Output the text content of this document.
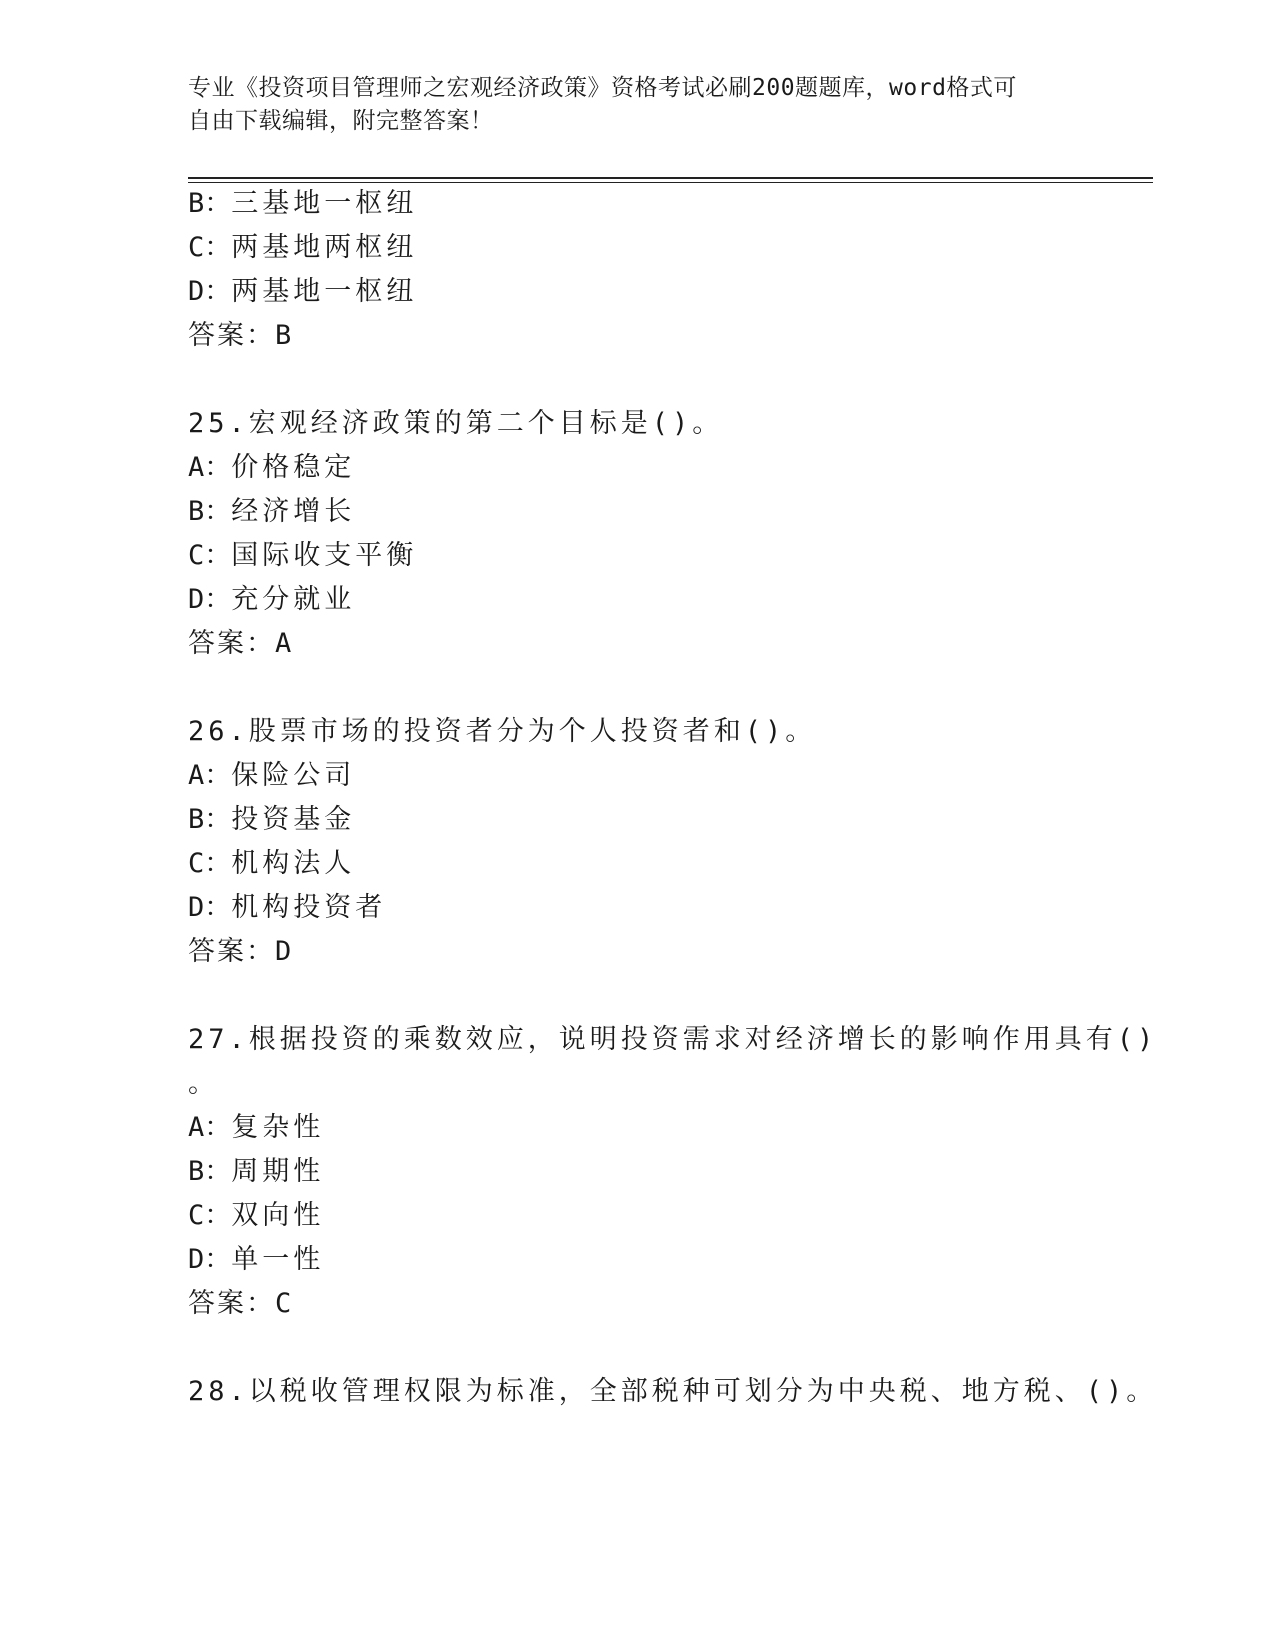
专业《投资项目管理师之宏观经济政策》资格考试必刷200题题库，word格式可
自由下载编辑，附完整答案！
B：三基地一枢纽
C：两基地两枢纽
D：两基地一枢纽
答案：B
25.宏观经济政策的第二个目标是()。
A：价格稳定
B：经济增长
C：国际收支平衡
D：充分就业
答案：A
26.股票市场的投资者分为个人投资者和()。
A：保险公司
B：投资基金
C：机构法人
D：机构投资者
答案：D
27.根据投资的乘数效应，说明投资需求对经济增长的影响作用具有()
。
A：复杂性
B：周期性
C：双向性
D：单一性
答案：C
28.以税收管理权限为标准，全部税种可划分为中央税、地方税、()。
